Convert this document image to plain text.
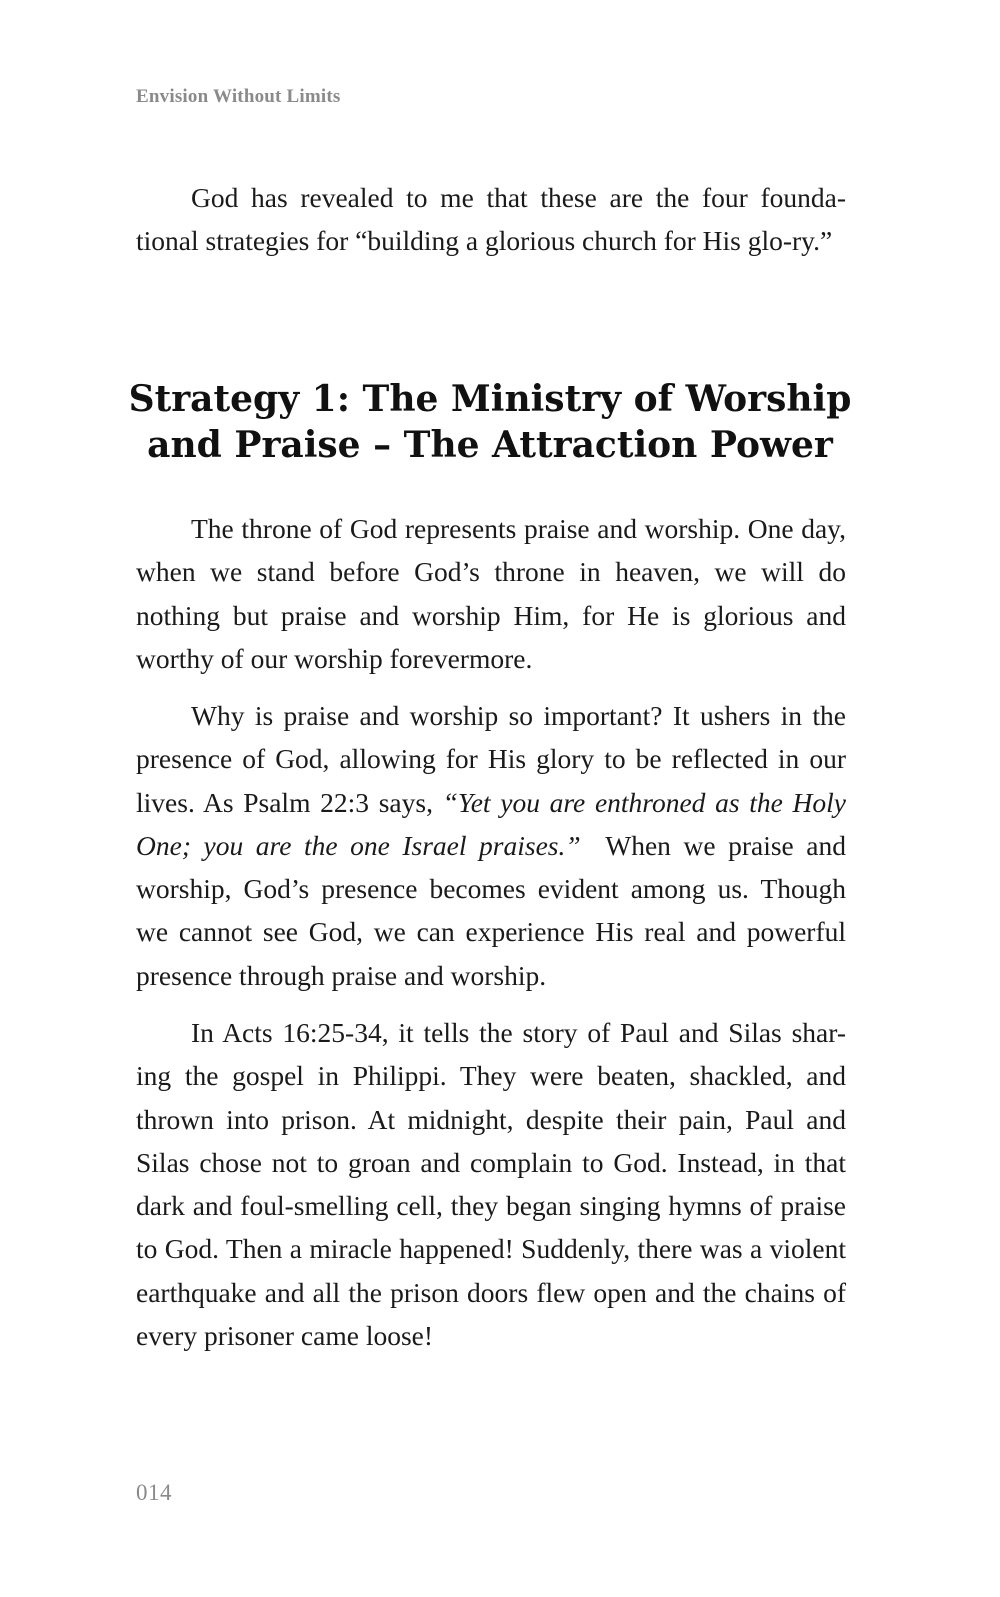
Envision Without Limits

God has revealed to me that these are the four founda-tional strategies for “building a glorious church for His glo-ry.”

Strategy 1: The Ministry of Worship and Praise – The Attraction Power

The throne of God represents praise and worship. One day, when we stand before God’s throne in heaven, we will do nothing but praise and worship Him, for He is glorious and worthy of our worship forevermore.

Why is praise and worship so important? It ushers in the presence of God, allowing for His glory to be reflected in our lives. As Psalm 22:3 says, “Yet you are enthroned as the Holy One; you are the one Israel praises.”  When we praise and worship, God’s presence becomes evident among us. Though we cannot see God, we can experience His real and powerful presence through praise and worship.

In Acts 16:25-34, it tells the story of Paul and Silas shar-ing the gospel in Philippi. They were beaten, shackled, and thrown into prison. At midnight, despite their pain, Paul and Silas chose not to groan and complain to God. Instead, in that dark and foul-smelling cell, they began singing hymns of praise to God. Then a miracle happened! Suddenly, there was a violent earthquake and all the prison doors flew open and the chains of every prisoner came loose!

014
